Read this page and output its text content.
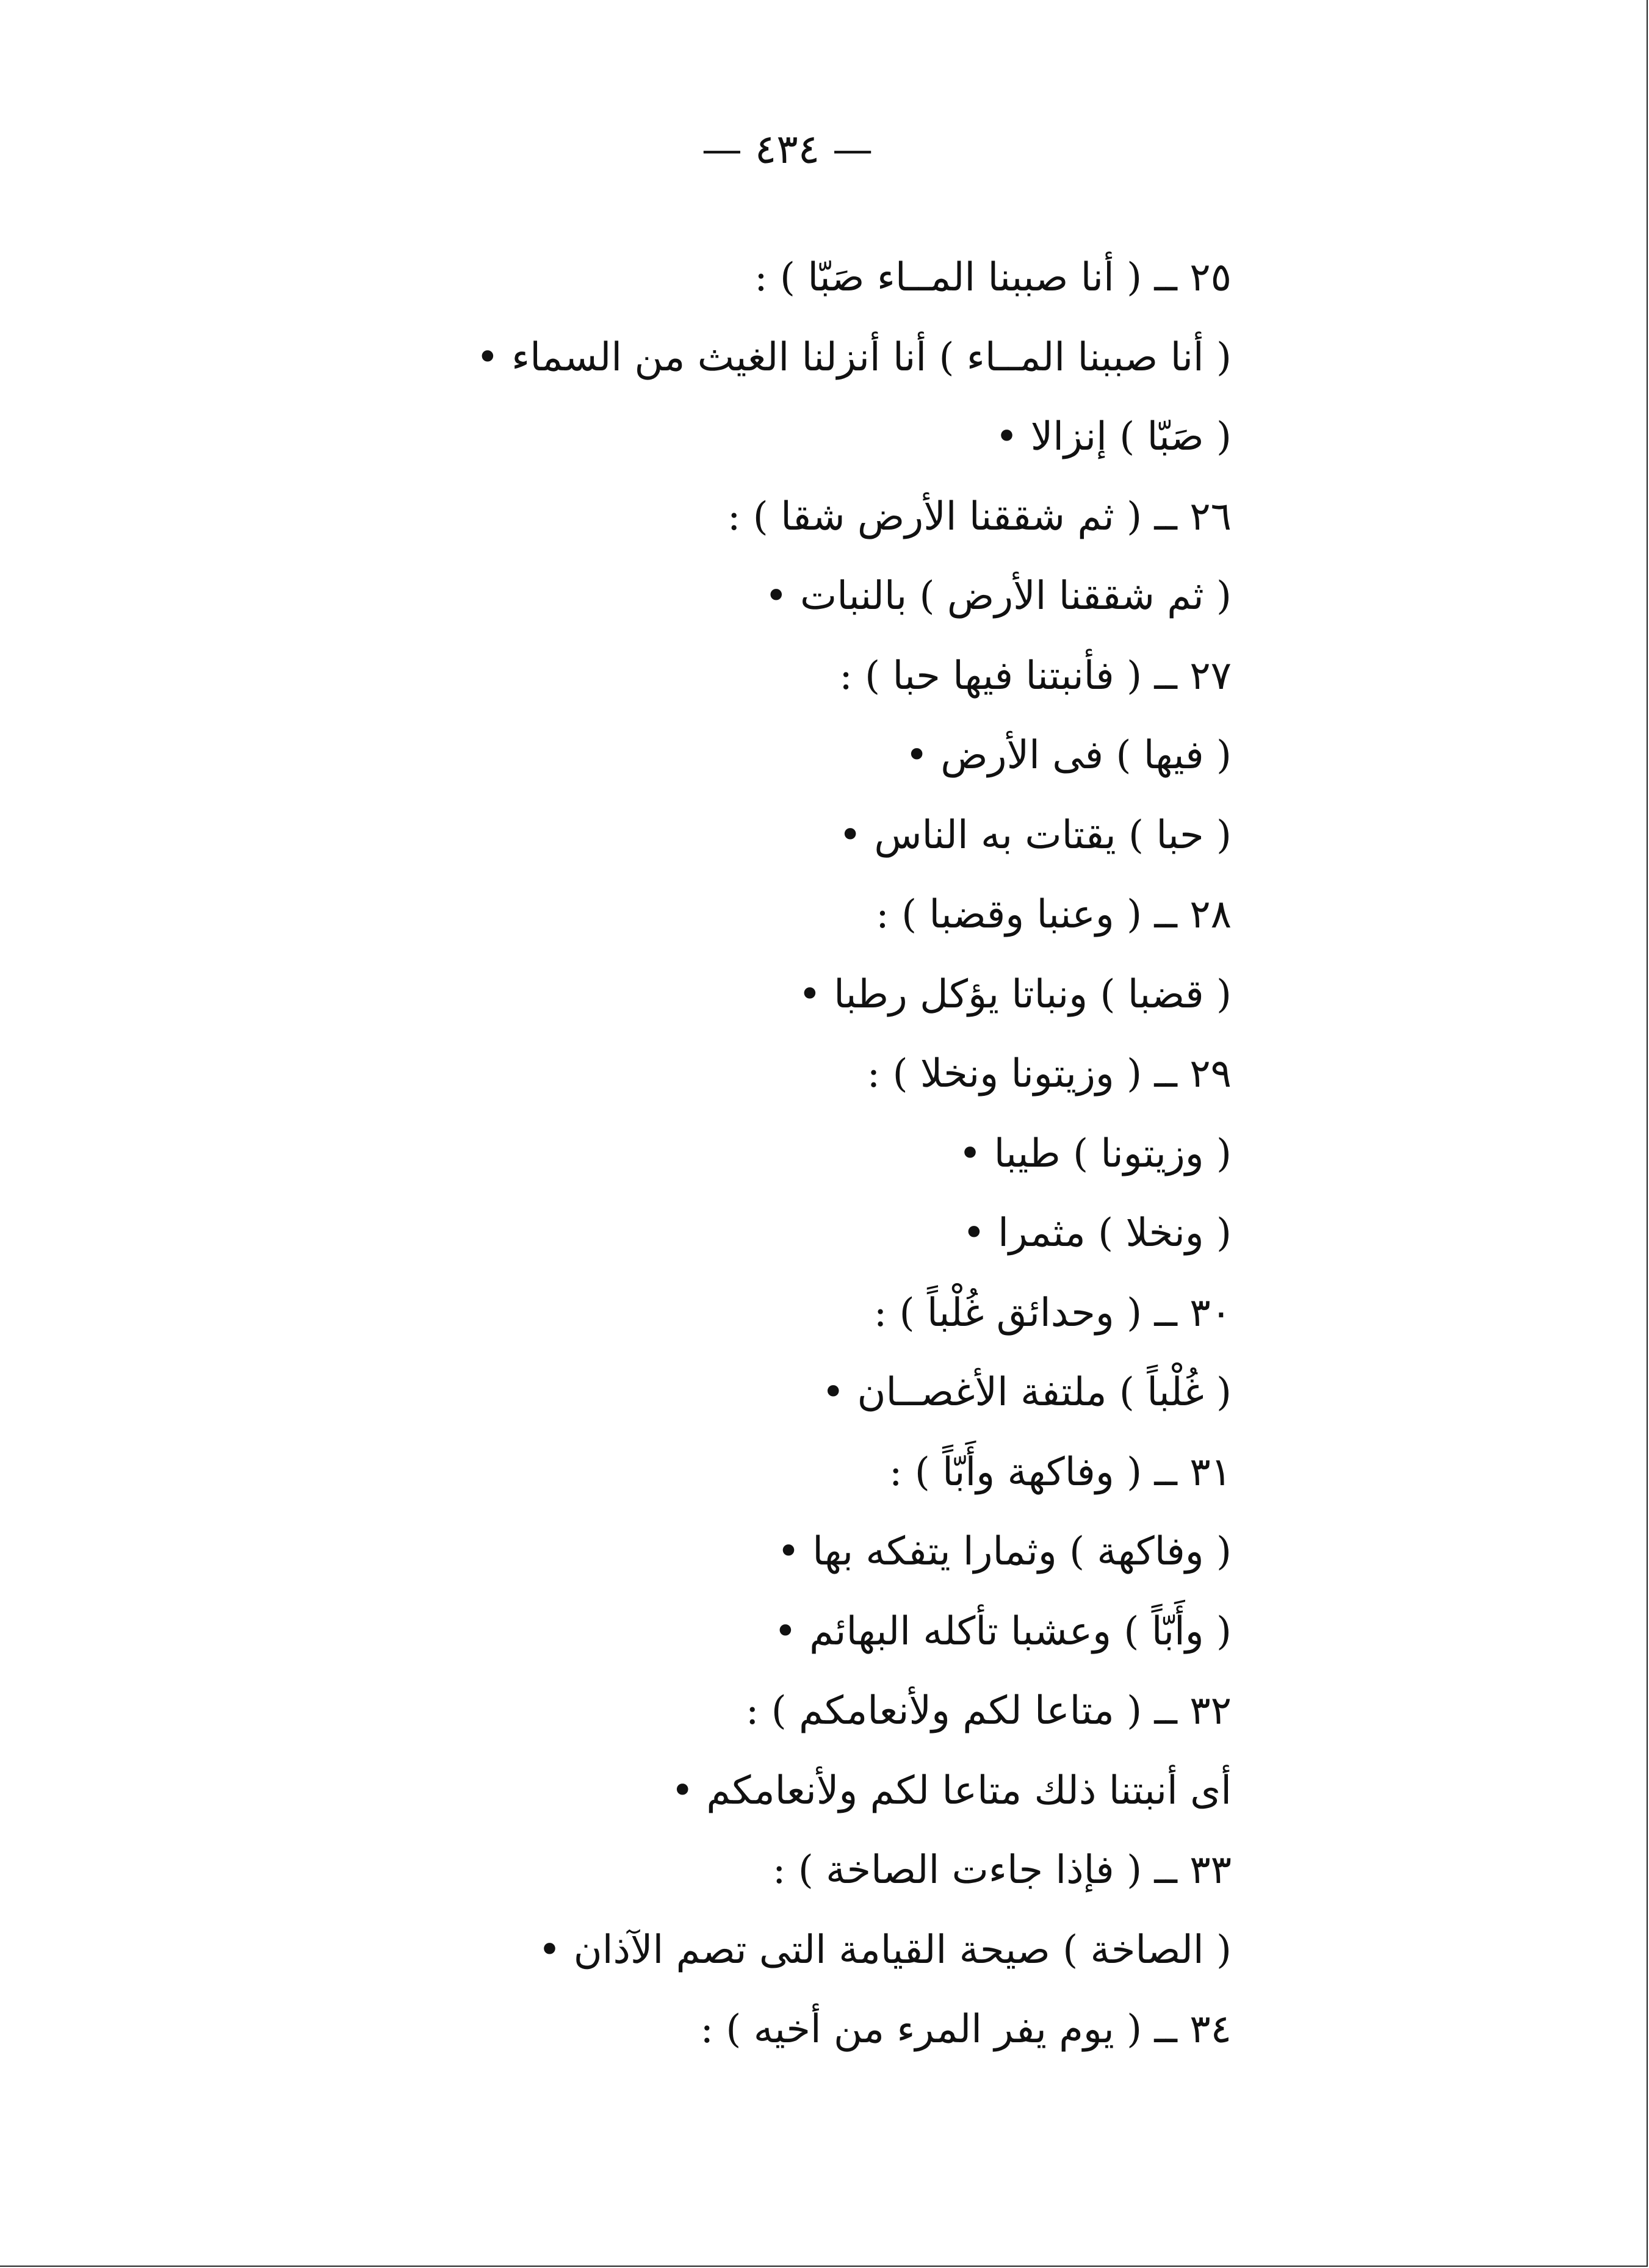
— ٤٣٤ —
٢٥ ــ ( أنا صببنا المــاء صَبّا ) :
( أنا صببنا المــاء ) أنا أنزلنا الغيث من السماء •
( صَبّا ) إنزالا •
٢٦ ــ ( ثم شققنا الأرض شقا ) :
( ثم شققنا الأرض ) بالنبات •
٢٧ ــ ( فأنبتنا فيها حبا ) :
( فيها ) فى الأرض •
( حبا ) يقتات به الناس •
٢٨ ــ ( وعنبا وقضبا ) :
( قضبا ) ونباتا يؤكل رطبا •
٢٩ ــ ( وزيتونا ونخلا ) :
( وزيتونا ) طيبا •
( ونخلا ) مثمرا •
٣٠ ــ ( وحدائق غُلْباً ) :
( غُلْباً ) ملتفة الأغصــان •
٣١ ــ ( وفاكهة وأَبّاً ) :
( وفاكهة ) وثمارا يتفكه بها •
( وأَبّاً ) وعشبا تأكله البهائم •
٣٢ ــ ( متاعا لكم ولأنعامكم ) :
أى أنبتنا ذلك متاعا لكم ولأنعامكم •
٣٣ ــ ( فإذا جاءت الصاخة ) :
( الصاخة ) صيحة القيامة التى تصم الآذان •
٣٤ ــ ( يوم يفر المرء من أخيه ) :
